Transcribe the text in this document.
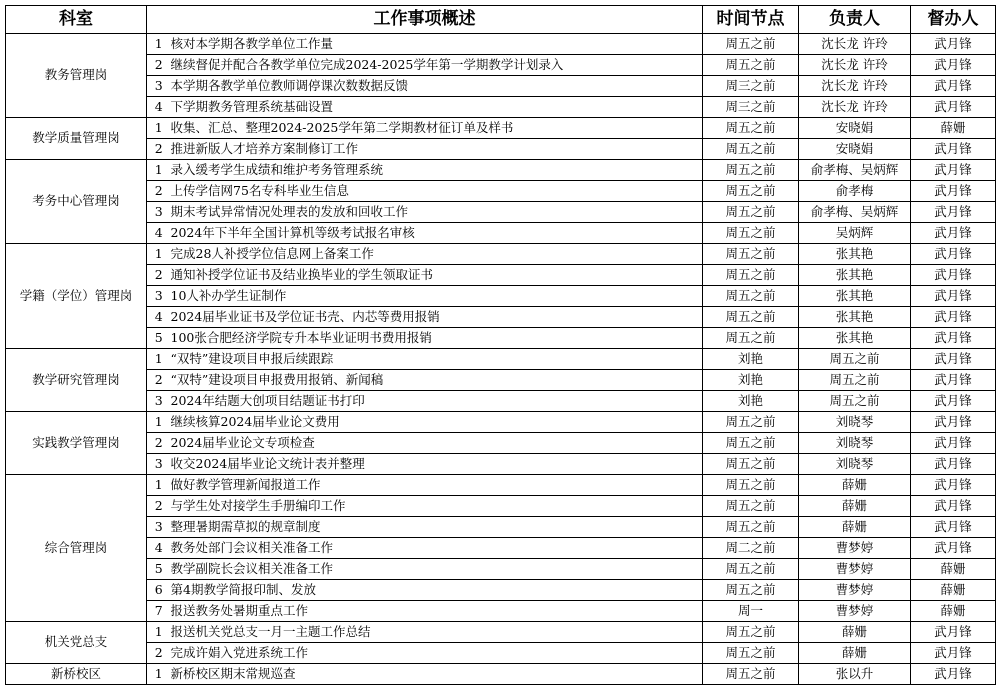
科室	工作事项概述		时间节点	负责人	督办人
教务管理岗	1	核对本学期各教学单位工作量	周五之前	沈长龙 许玲	武月锋
	2	继续督促并配合各教学单位完成2024-2025学年第一学期教学计划录入	周五之前	沈长龙 许玲	武月锋
	3	本学期各教学单位教师调停课次数数据反馈	周三之前	沈长龙 许玲	武月锋
	4	下学期教务管理系统基础设置	周三之前	沈长龙 许玲	武月锋
教学质量管理岗	1	收集、汇总、整理2024-2025学年第二学期教材征订单及样书	周五之前	安晓娟	薛姗
	2	推进新版人才培养方案制修订工作	周五之前	安晓娟	武月锋
考务中心管理岗	1	录入缓考学生成绩和维护考务管理系统	周五之前	俞孝梅、吴炳辉	武月锋
	2	上传学信网75名专科毕业生信息	周五之前	俞孝梅	武月锋
	3	期末考试异常情况处理表的发放和回收工作	周五之前	俞孝梅、吴炳辉	武月锋
	4	2024年下半年全国计算机等级考试报名审核	周五之前	吴炳辉	武月锋
学籍（学位）管理岗	1	完成28人补授学位信息网上备案工作	周五之前	张其艳	武月锋
	2	通知补授学位证书及结业换毕业的学生领取证书	周五之前	张其艳	武月锋
	3	10人补办学生证制作	周五之前	张其艳	武月锋
	4	2024届毕业证书及学位证书壳、内芯等费用报销	周五之前	张其艳	武月锋
	5	100张合肥经济学院专升本毕业证明书费用报销	周五之前	张其艳	武月锋
教学研究管理岗	1	“双特”建设项目申报后续跟踪	刘艳	周五之前	武月锋
	2	“双特”建设项目申报费用报销、新闻稿	刘艳	周五之前	武月锋
	3	2024年结题大创项目结题证书打印	刘艳	周五之前	武月锋
实践教学管理岗	1	继续核算2024届毕业论文费用	周五之前	刘晓琴	武月锋
	2	2024届毕业论文专项检查	周五之前	刘晓琴	武月锋
	3	收交2024届毕业论文统计表并整理	周五之前	刘晓琴	武月锋
综合管理岗	1	做好教学管理新闻报道工作	周五之前	薛姗	武月锋
	2	与学生处对接学生手册编印工作	周五之前	薛姗	武月锋
	3	整理暑期需草拟的规章制度	周五之前	薛姗	武月锋
	4	教务处部门会议相关准备工作	周二之前	曹梦婷	武月锋
	5	教学副院长会议相关准备工作	周五之前	曹梦婷	薛姗
	6	第4期教学简报印制、发放	周五之前	曹梦婷	薛姗
	7	报送教务处暑期重点工作	周一	曹梦婷	薛姗
机关党总支	1	报送机关党总支一月一主题工作总结	周五之前	薛姗	武月锋
	2	完成许娟入党进系统工作	周五之前	薛姗	武月锋
新桥校区	1	新桥校区期末常规巡查	周五之前	张以升	武月锋
